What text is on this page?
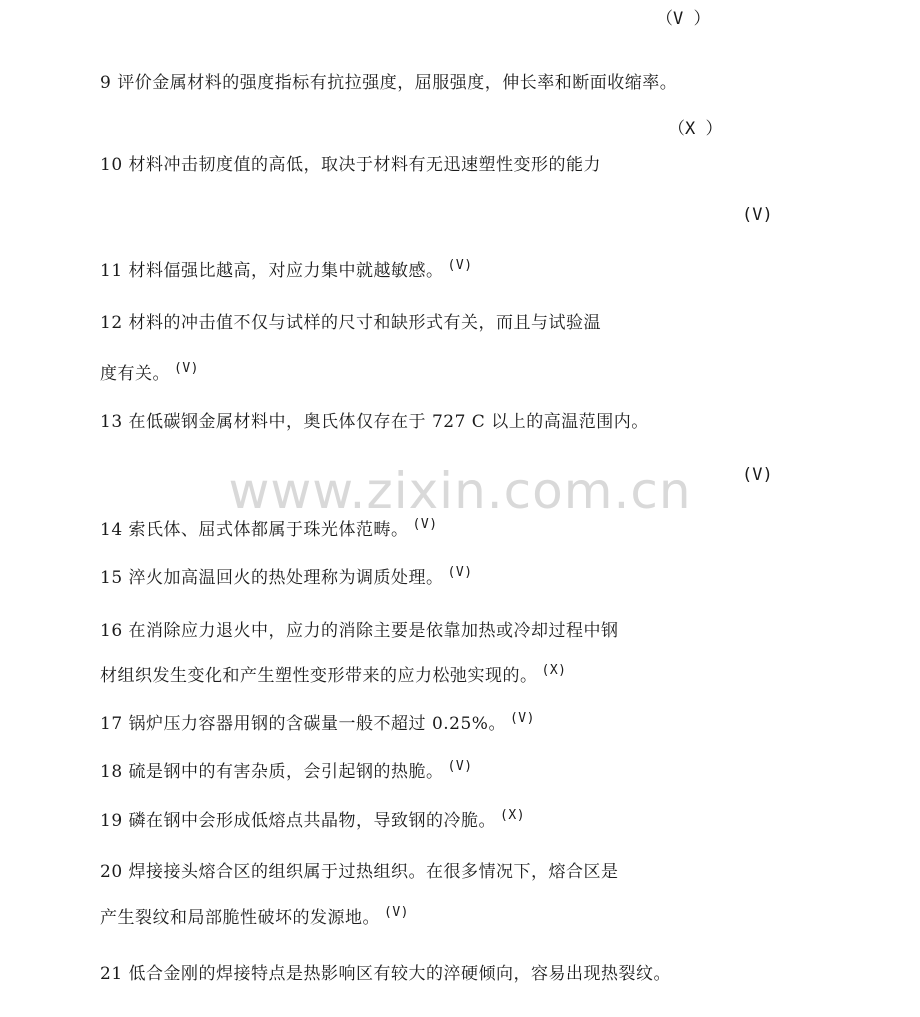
www.zixin.com.cn
（V ）
9 评价金属材料的强度指标有抗拉强度，屈服强度，伸长率和断面收缩率。
（X ）
10 材料冲击韧度值的高低，取决于材料有无迅速塑性变形的能力
(V)
11 材料偪强比越高，对应力集中就越敏感。 $^{(V)}$
12 材料的冲击值不仅与试样的尺寸和缺形式有关，而且与试验温
度有关。 $^{(V)}$
13 在低碳钢金属材料中，奥氏体仅存在于 727 C 以上的高温范围内。
(V)
14 索氏体、屈式体都属于珠光体范畴。 $^{(V)}$
15 淬火加高温回火的热处理称为调质处理。 $^{(V)}$
16 在消除应力退火中，应力的消除主要是依靠加热或冷却过程中钢
材组织发生变化和产生塑性变形带来的应力松弛实现的。 $^{(X)}$
17 锅炉压力容器用钢的含碳量一般不超过 0.25%。 $^{(V)}$
18 硫是钢中的有害杂质，会引起钢的热脆。 $^{(V)}$
19 磷在钢中会形成低熔点共晶物，导致钢的冷脆。 $^{(X)}$
20 焊接接头熔合区的组织属于过热组织。在很多情况下，熔合区是
产生裂纹和局部脆性破坏的发源地。 $^{(V)}$
21 低合金刚的焊接特点是热影响区有较大的淬硬倾向，容易出现热裂纹。
